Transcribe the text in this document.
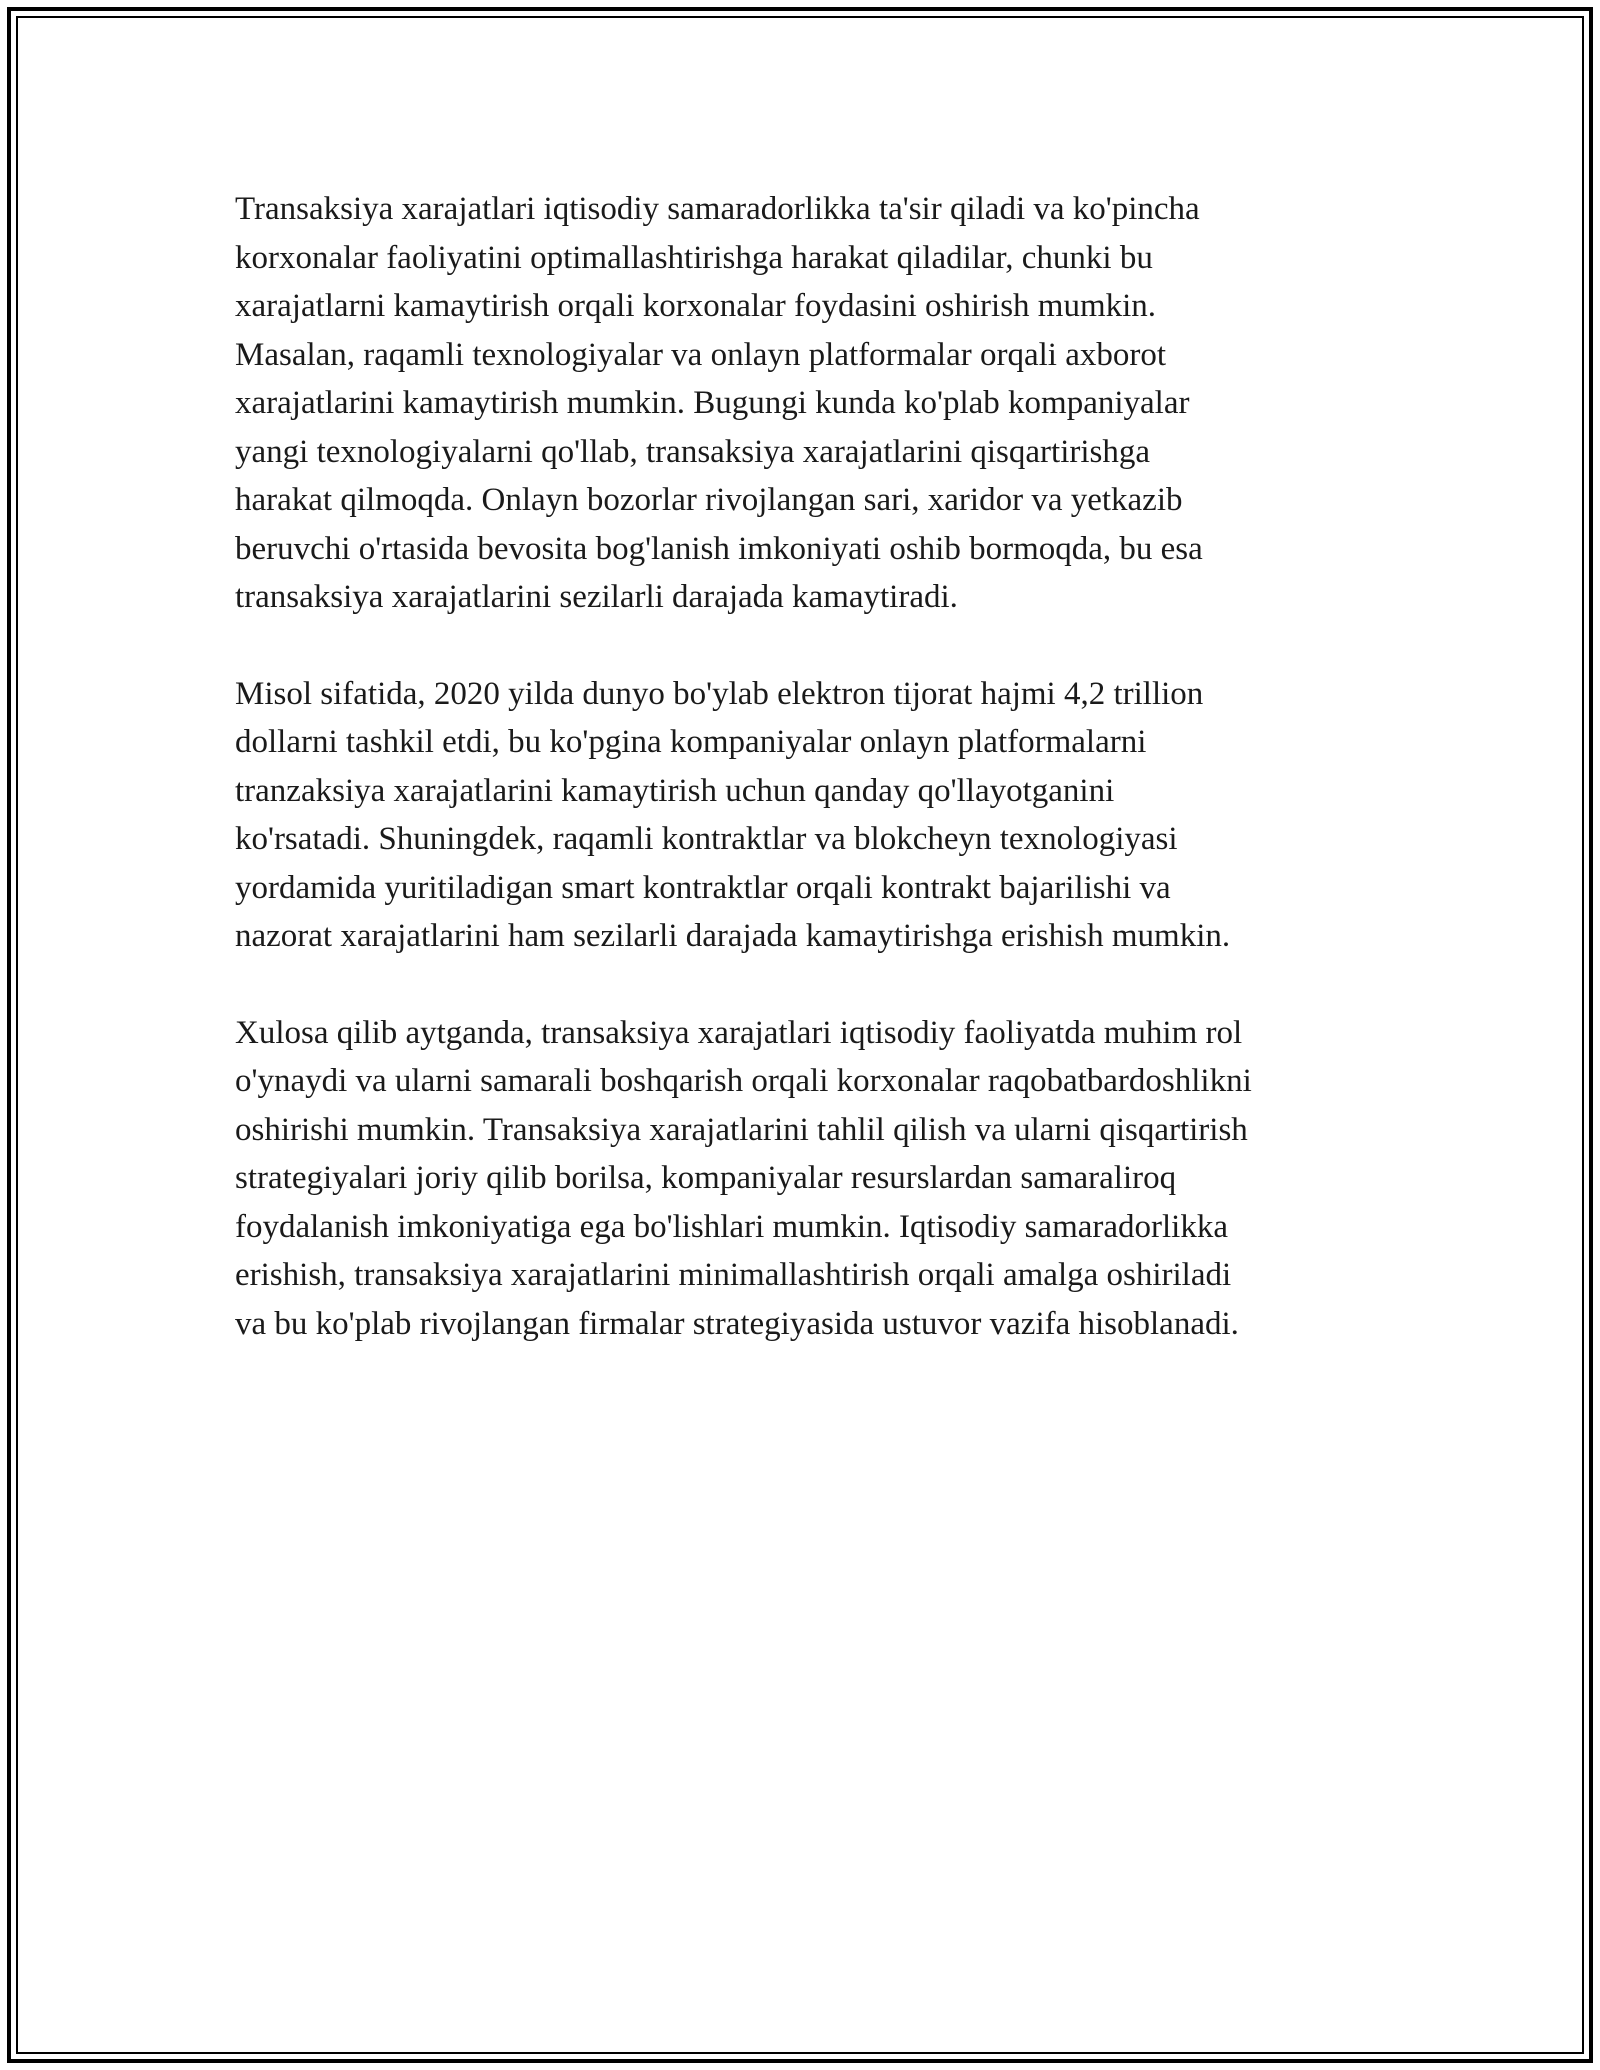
Transaksiya xarajatlari iqtisodiy samaradorlikka ta'sir qiladi va ko'pincha
korxonalar faoliyatini optimallashtirishga harakat qiladilar, chunki bu
xarajatlarni kamaytirish orqali korxonalar foydasini oshirish mumkin.
Masalan, raqamli texnologiyalar va onlayn platformalar orqali axborot
xarajatlarini kamaytirish mumkin. Bugungi kunda ko'plab kompaniyalar
yangi texnologiyalarni qo'llab, transaksiya xarajatlarini qisqartirishga
harakat qilmoqda. Onlayn bozorlar rivojlangan sari, xaridor va yetkazib
beruvchi o'rtasida bevosita bog'lanish imkoniyati oshib bormoqda, bu esa
transaksiya xarajatlarini sezilarli darajada kamaytiradi.

Misol sifatida, 2020 yilda dunyo bo'ylab elektron tijorat hajmi 4,2 trillion
dollarni tashkil etdi, bu ko'pgina kompaniyalar onlayn platformalarni
tranzaksiya xarajatlarini kamaytirish uchun qanday qo'llayotganini
ko'rsatadi. Shuningdek, raqamli kontraktlar va blokcheyn texnologiyasi
yordamida yuritiladigan smart kontraktlar orqali kontrakt bajarilishi va
nazorat xarajatlarini ham sezilarli darajada kamaytirishga erishish mumkin.

Xulosa qilib aytganda, transaksiya xarajatlari iqtisodiy faoliyatda muhim rol
o'ynaydi va ularni samarali boshqarish orqali korxonalar raqobatbardoshlikni
oshirishi mumkin. Transaksiya xarajatlarini tahlil qilish va ularni qisqartirish
strategiyalari joriy qilib borilsa, kompaniyalar resurslardan samaraliroq
foydalanish imkoniyatiga ega bo'lishlari mumkin. Iqtisodiy samaradorlikka
erishish, transaksiya xarajatlarini minimallashtirish orqali amalga oshiriladi
va bu ko'plab rivojlangan firmalar strategiyasida ustuvor vazifa hisoblanadi.
